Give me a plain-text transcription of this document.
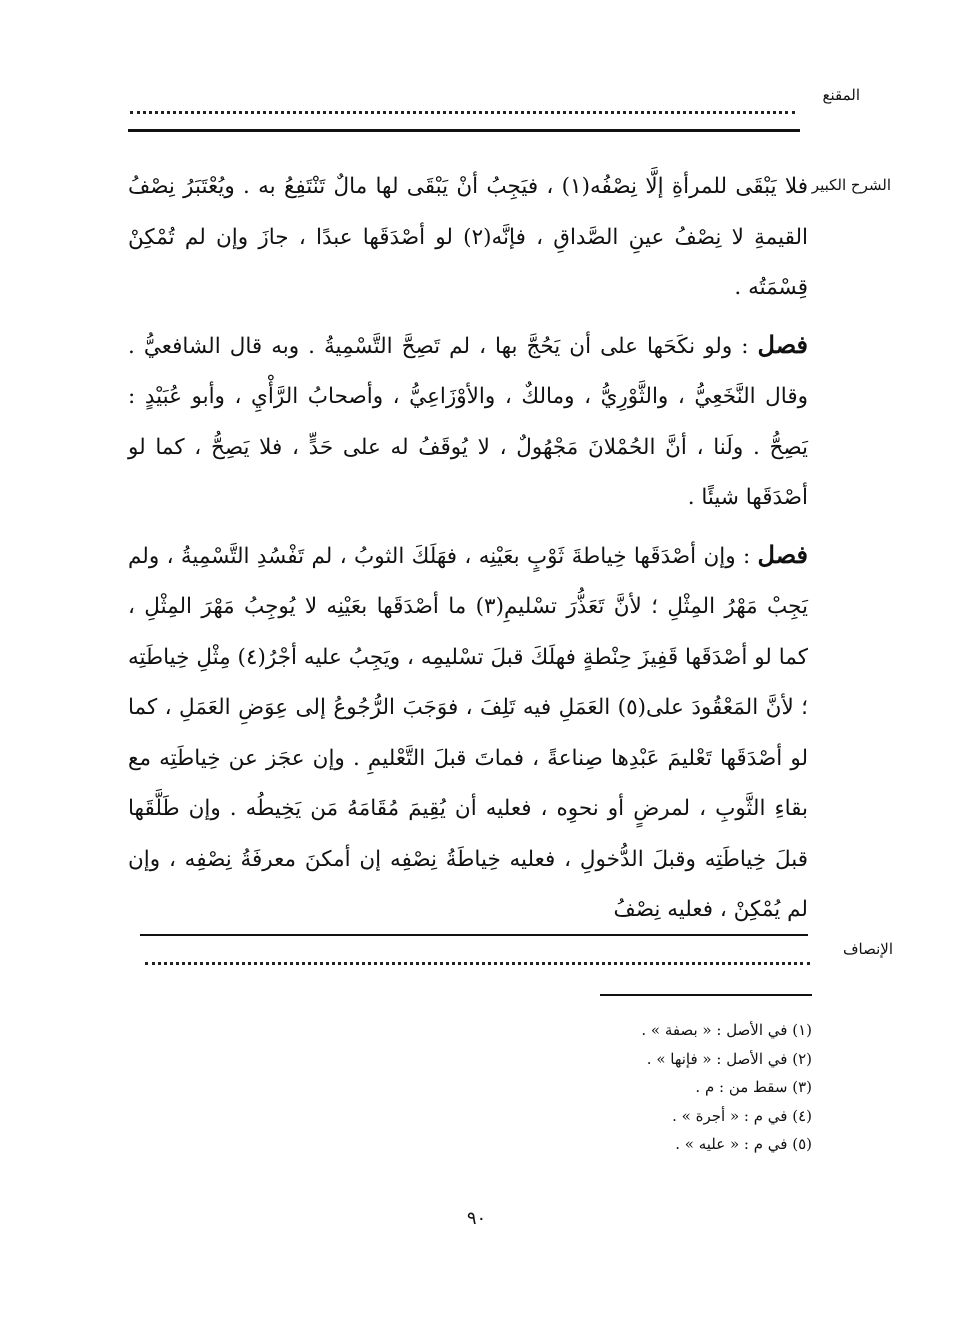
المقنع
الشرح الكبير

فلا يَبْقَى للمرأةِ إلَّا نِصْفُه(١) ، فيَجِبُ أنْ يَبْقَى لها مالٌ تَنْتَفِعُ به . ويُعْتَبَرُ نِصْفُ القيمةِ لا نِصْفُ عينِ الصَّداقِ ، فإنَّه(٢) لو أصْدَقَها عبدًا ، جازَ وإن لم تُمْكِنْ قِسْمَتُه .

فصل : ولو نكَحَها على أن يَحُجَّ بها ، لم تَصِحَّ التَّسْمِيةُ . وبه قال الشافعيُّ . وقال النَّخَعِيُّ ، والثَّوْرِيُّ ، ومالكٌ ، والأوْزَاعِيُّ ، وأصحابُ الرَّأْيِ ، وأبو عُبَيْدٍ : يَصِحُّ . ولَنا ، أنَّ الحُمْلانَ مَجْهُولٌ ، لا يُوقَفُ له على حَدٍّ ، فلا يَصِحُّ ، كما لو أصْدَقَها شيئًا .

فصل : وإن أصْدَقَها خِياطةَ ثَوْبٍ بعَيْنِه ، فهَلَكَ الثوبُ ، لم تَفْسُدِ التَّسْمِيةُ ، ولم يَجِبْ مَهْرُ المِثْلِ ؛ لأنَّ تَعَذُّرَ تسْليمِ(٣) ما أصْدَقَها بعَيْنِه لا يُوجِبُ مَهْرَ المِثْلِ ، كما لو أصْدَقَها قَفِيزَ حِنْطةٍ فهلَكَ قبلَ تسْليمِه ، ويَجِبُ عليه أجْرُ(٤) مِثْلِ خِياطَتِه ؛ لأنَّ المَعْقُودَ على(٥) العَمَلِ فيه تَلِفَ ، فوَجَبَ الرُّجُوعُ إلى عِوَضِ العَمَلِ ، كما لو أصْدَقَها تَعْليمَ عَبْدِها صِناعةً ، فماتَ قبلَ التَّعْليمِ . وإن عجَز عن خِياطَتِه مع بقاءِ الثَّوبِ ، لمرضٍ أو نحوِه ، فعليه أن يُقِيمَ مُقَامَهُ مَن يَخِيطُه . وإن طَلَّقَها قبلَ خِياطَتِه وقبلَ الدُّخولِ ، فعليه خِياطَةُ نِصْفِه إن أمكنَ معرفَةُ نِصْفِه ، وإن لم يُمْكِنْ ، فعليه نِصْفُ

الإنصاف
(١) في الأصل : « بصفة » .
(٢) في الأصل : « فإنها » .
(٣) سقط من : م .
(٤) في م : « أجرة » .
(٥) في م : « عليه » .
٩٠
